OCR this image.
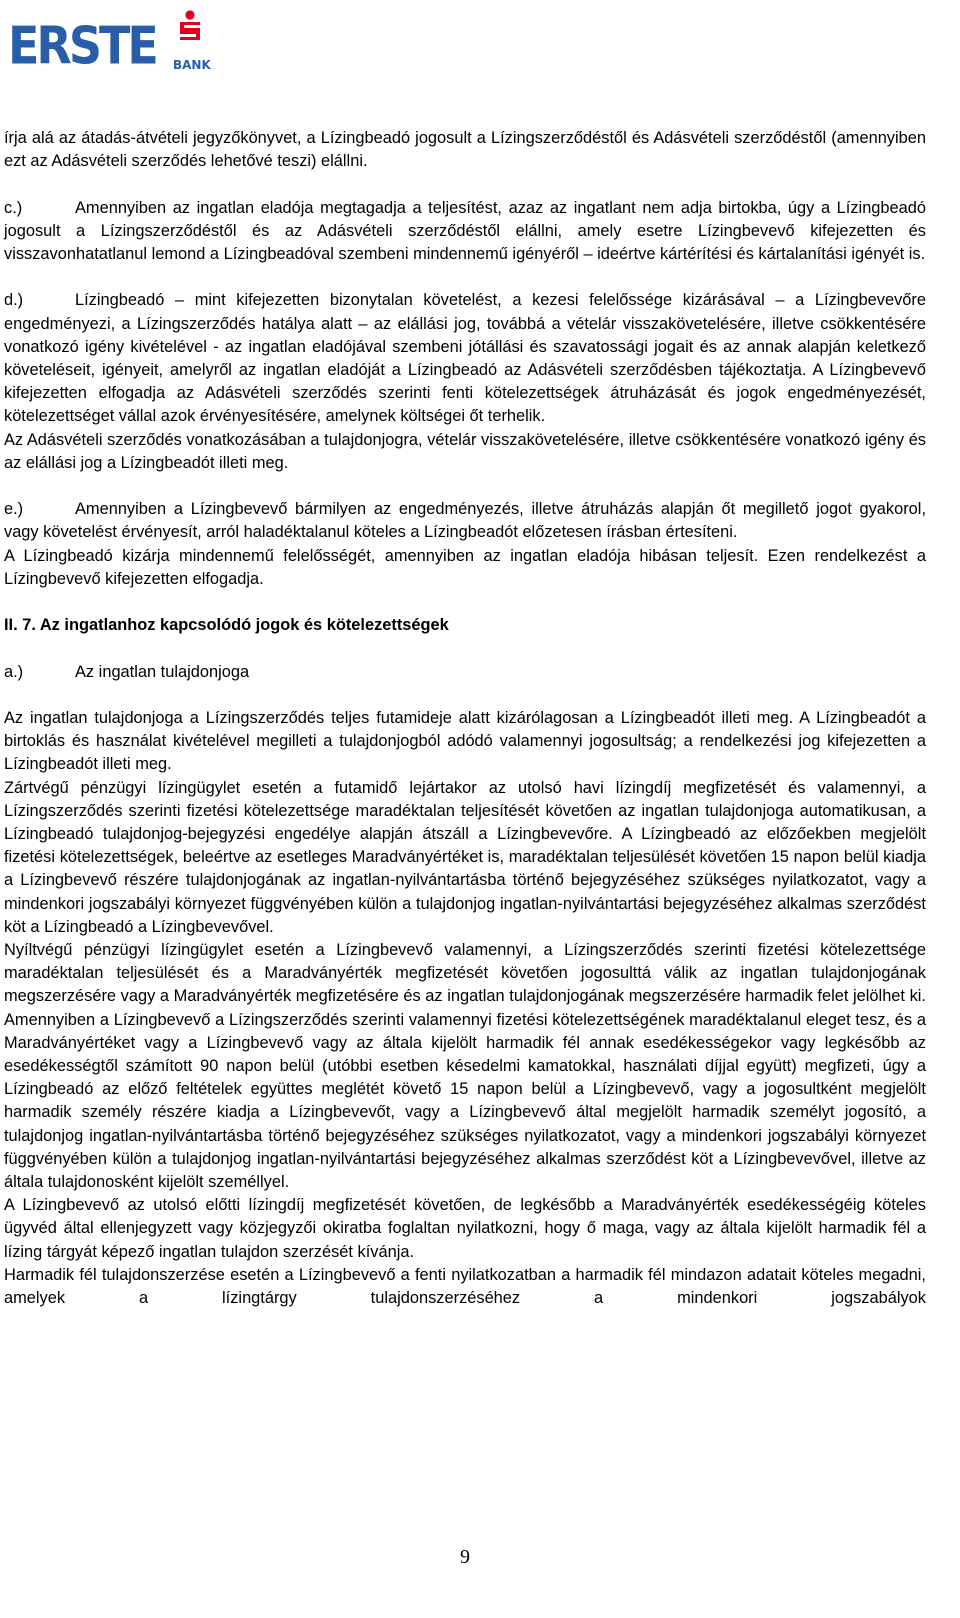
ERSTE BANK

írja alá az átadás-átvételi jegyzőkönyvet, a Lízingbeadó jogosult a Lízingszerződéstől és Adásvételi szerződéstől (amennyiben ezt az Adásvételi szerződés lehetővé teszi) elállni.

c.)	Amennyiben az ingatlan eladója megtagadja a teljesítést, azaz az ingatlant nem adja birtokba, úgy a Lízingbeadó jogosult a Lízingszerződéstől és az Adásvételi szerződéstől elállni, amely esetre Lízingbevevő kifejezetten és visszavonhatatlanul lemond a Lízingbeadóval szembeni mindennemű igényéről – ideértve kártérítési és kártalanítási igényét is.

d.)	Lízingbeadó – mint kifejezetten bizonytalan követelést, a kezesi felelőssége kizárásával – a Lízingbevevőre engedményezi, a Lízingszerződés hatálya alatt – az elállási jog, továbbá a vételár visszakövetelésére, illetve csökkentésére vonatkozó igény kivételével - az ingatlan eladójával szembeni jótállási és szavatossági jogait és az annak alapján keletkező követeléseit, igényeit, amelyről az ingatlan eladóját a Lízingbeadó az Adásvételi szerződésben tájékoztatja. A Lízingbevevő kifejezetten elfogadja az Adásvételi szerződés szerinti fenti kötelezettségek átruházását és jogok engedményezését, kötelezettséget vállal azok érvényesítésére, amelynek költségei őt terhelik.

Az Adásvételi szerződés vonatkozásában a tulajdonjogra, vételár visszakövetelésére, illetve csökkentésére vonatkozó igény és az elállási jog a Lízingbeadót illeti meg.

e.)	Amennyiben a Lízingbevevő bármilyen az engedményezés, illetve átruházás alapján őt megillető jogot gyakorol, vagy követelést érvényesít, arról haladéktalanul köteles a Lízingbeadót előzetesen írásban értesíteni.

A Lízingbeadó kizárja mindennemű felelősségét, amennyiben az ingatlan eladója hibásan teljesít. Ezen rendelkezést a Lízingbevevő kifejezetten elfogadja.

II. 7. Az ingatlanhoz kapcsolódó jogok és kötelezettségek

a.)	Az ingatlan tulajdonjoga

Az ingatlan tulajdonjoga a Lízingszerződés teljes futamideje alatt kizárólagosan a Lízingbeadót illeti meg. A Lízingbeadót a birtoklás és használat kivételével megilleti a tulajdonjogból adódó valamennyi jogosultság; a rendelkezési jog kifejezetten a Lízingbeadót illeti meg.

Zártvégű pénzügyi lízingügylet esetén a futamidő lejártakor az utolsó havi lízingdíj megfizetését és valamennyi, a Lízingszerződés szerinti fizetési kötelezettsége maradéktalan teljesítését követően az ingatlan tulajdonjoga automatikusan, a Lízingbeadó tulajdonjog-bejegyzési engedélye alapján átszáll a Lízingbevevőre. A Lízingbeadó az előzőekben megjelölt fizetési kötelezettségek, beleértve az esetleges Maradványértéket is, maradéktalan teljesülését követően 15 napon belül kiadja a Lízingbevevő részére tulajdonjogának az ingatlan-nyilvántartásba történő bejegyzéséhez szükséges nyilatkozatot, vagy a mindenkori jogszabályi környezet függvényében külön a tulajdonjog ingatlan-nyilvántartási bejegyzéséhez alkalmas szerződést köt a Lízingbeadó a Lízingbevevővel.

Nyíltvégű pénzügyi lízingügylet esetén a Lízingbevevő valamennyi, a Lízingszerződés szerinti fizetési kötelezettsége maradéktalan teljesülését és a Maradványérték megfizetését követően jogosulttá válik az ingatlan tulajdonjogának megszerzésére vagy a Maradványérték megfizetésére és az ingatlan tulajdonjogának megszerzésére harmadik felet jelölhet ki. Amennyiben a Lízingbevevő a Lízingszerződés szerinti valamennyi fizetési kötelezettségének maradéktalanul eleget tesz, és a Maradványértéket vagy a Lízingbevevő vagy az általa kijelölt harmadik fél annak esedékességekor vagy legkésőbb az esedékességtől számított 90 napon belül (utóbbi esetben késedelmi kamatokkal, használati díjjal együtt) megfizeti, úgy a Lízingbeadó az előző feltételek együttes meglétét követő 15 napon belül a Lízingbevevő, vagy a jogosultként megjelölt harmadik személy részére kiadja a Lízingbevevőt, vagy a Lízingbevevő által megjelölt harmadik személyt jogosító, a tulajdonjog ingatlan-nyilvántartásba történő bejegyzéséhez szükséges nyilatkozatot, vagy a mindenkori jogszabályi környezet függvényében külön a tulajdonjog ingatlan-nyilvántartási bejegyzéséhez alkalmas szerződést köt a Lízingbevevővel, illetve az általa tulajdonosként kijelölt személlyel.

A Lízingbevevő az utolsó előtti lízingdíj megfizetését követően, de legkésőbb a Maradványérték esedékességéig köteles ügyvéd által ellenjegyzett vagy közjegyzői okiratba foglaltan nyilatkozni, hogy ő maga, vagy az általa kijelölt harmadik fél a lízing tárgyát képező ingatlan tulajdon szerzését kívánja.

Harmadik fél tulajdonszerzése esetén a Lízingbevevő a fenti nyilatkozatban a harmadik fél mindazon adatait köteles megadni, amelyek a lízingtárgy tulajdonszerzéséhez a mindenkori jogszabályok

9
